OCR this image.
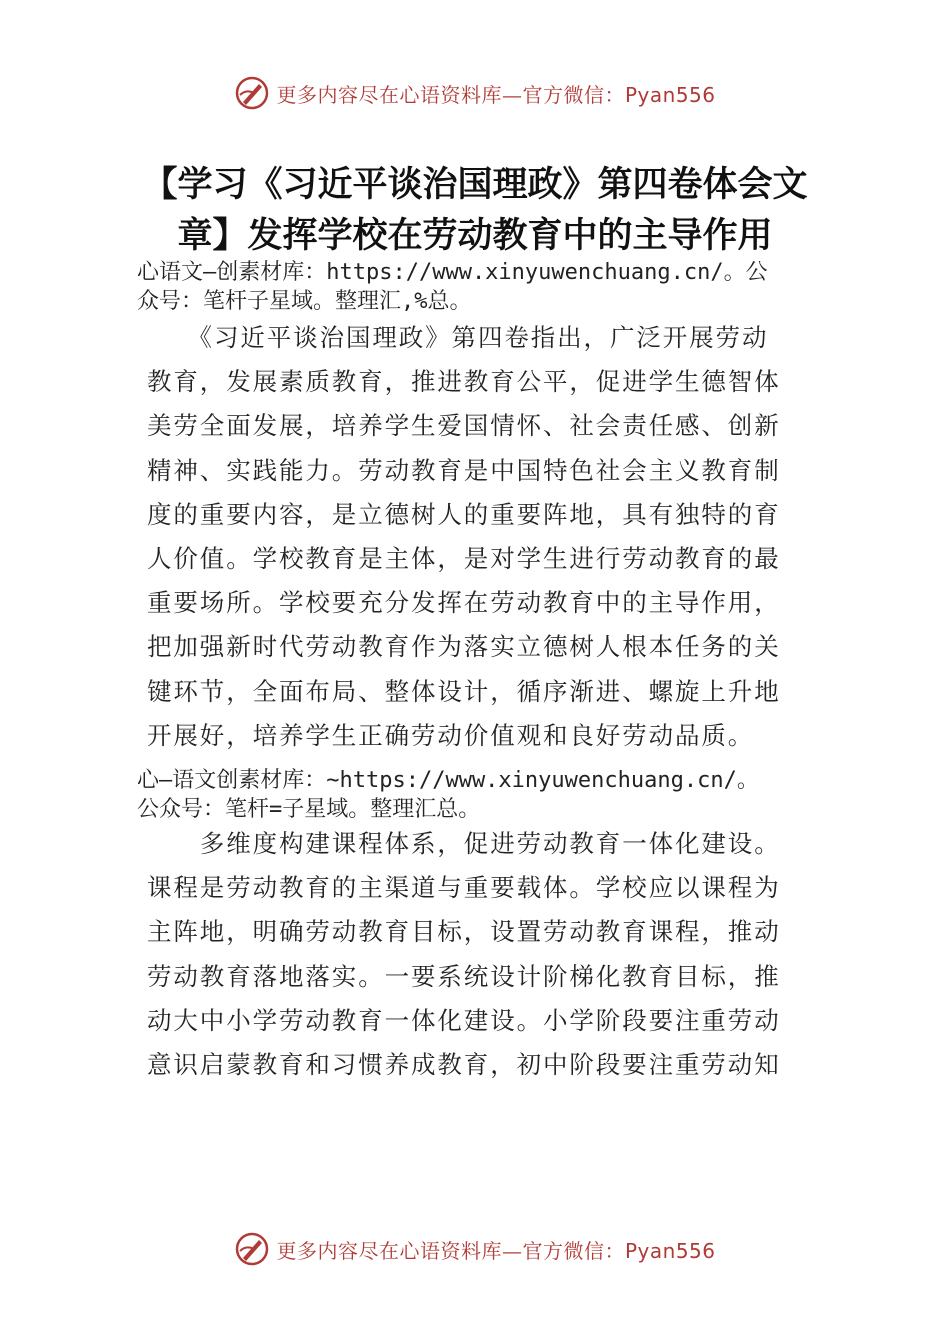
更多内容尽在心语资料库—官方微信：Pyan556
【学习《习近平谈治国理政》第四卷体会文
章】发挥学校在劳动教育中的主导作用
心语文—创素材库：https://www.xinyuwenchuang.cn/。公
众号：笔杆子星域。整理汇,%总。
　　《习近平谈治国理政》第四卷指出，广泛开展劳动
教育，发展素质教育，推进教育公平，促进学生德智体
美劳全面发展，培养学生爱国情怀、社会责任感、创新
精神、实践能力。劳动教育是中国特色社会主义教育制
度的重要内容，是立德树人的重要阵地，具有独特的育
人价值。学校教育是主体，是对学生进行劳动教育的最
重要场所。学校要充分发挥在劳动教育中的主导作用，
把加强新时代劳动教育作为落实立德树人根本任务的关
键环节，全面布局、整体设计，循序渐进、螺旋上升地
开展好，培养学生正确劳动价值观和良好劳动品质。
心—语文创素材库：~https://www.xinyuwenchuang.cn/。
公众号：笔杆=子星域。整理汇总。
　　多维度构建课程体系，促进劳动教育一体化建设。
课程是劳动教育的主渠道与重要载体。学校应以课程为
主阵地，明确劳动教育目标，设置劳动教育课程，推动
劳动教育落地落实。一要系统设计阶梯化教育目标，推
动大中小学劳动教育一体化建设。小学阶段要注重劳动
意识启蒙教育和习惯养成教育，初中阶段要注重劳动知
更多内容尽在心语资料库—官方微信：Pyan556
